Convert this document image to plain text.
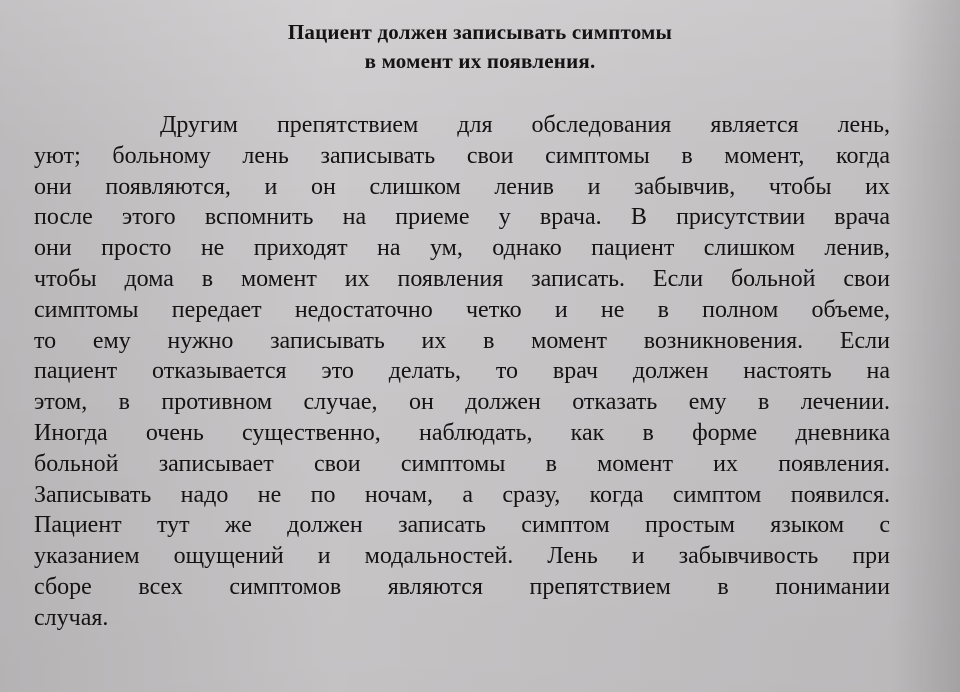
Пациент должен записывать симптомы
в момент их появления.
Другим препятствием для обследования является лень,
уют; больному лень записывать свои симптомы в момент, когда
они появляются, и он слишком ленив и забывчив, чтобы их
после этого вспомнить на приеме у врача. В присутствии врача
они просто не приходят на ум, однако пациент слишком ленив,
чтобы дома в момент их появления записать. Если больной свои
симптомы передает недостаточно четко и не в полном объеме,
то ему нужно записывать их в момент возникновения. Если
пациент отказывается это делать, то врач должен настоять на
этом, в противном случае, он должен отказать ему в лечении.
Иногда очень существенно, наблюдать, как в форме дневника
больной записывает свои симптомы в момент их появления.
Записывать надо не по ночам, а сразу, когда симптом появился.
Пациент тут же должен записать симптом простым языком с
указанием ощущений и модальностей. Лень и забывчивость при
сборе всех симптомов являются препятствием в понимании
случая.
